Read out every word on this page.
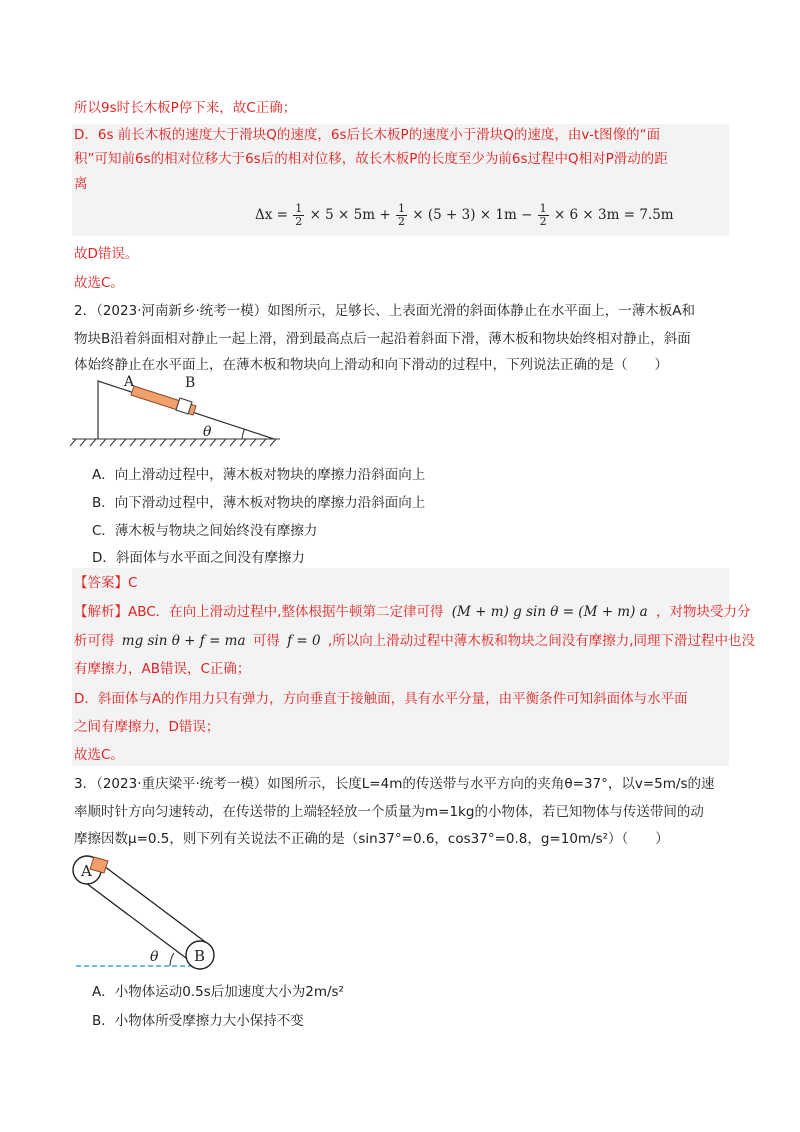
所以9s时长木板P停下来，故C正确；
D．6s 前长木板的速度大于滑块Q的速度，6s后长木板P的速度小于滑块Q的速度，由v-t图像的“面
积”可知前6s的相对位移大于6s后的相对位移，故长木板P的长度至少为前6s过程中Q相对P滑动的距
离
$\Delta x = \frac{1}{2} \times 5 \times 5m + \frac{1}{2} \times (5 + 3) \times 1m - \frac{1}{2} \times 6 \times 3m = 7.5m$
故D错误。
故选C。
2．（2023·河南新乡·统考一模）如图所示，足够长、上表面光滑的斜面体静止在水平面上，一薄木板A和
物块B沿着斜面相对静止一起上滑，滑到最高点后一起沿着斜面下滑，薄木板和物块始终相对静止，斜面
体始终静止在水平面上，在薄木板和物块向上滑动和向下滑动的过程中，下列说法正确的是（　　）
A	B
θ
A．向上滑动过程中，薄木板对物块的摩擦力沿斜面向上
B．向下滑动过程中，薄木板对物块的摩擦力沿斜面向上
C．薄木板与物块之间始终没有摩擦力
D．斜面体与水平面之间没有摩擦力
【答案】C
【解析】ABC．在向上滑动过程中,整体根据牛顿第二定律可得 (M + m) g sin θ = (M + m) a ，对物块受力分
析可得 mg sin θ + f = ma 可得 f = 0 ,所以向上滑动过程中薄木板和物块之间没有摩擦力,同理下滑过程中也没
有摩擦力，AB错误，C正确；
D．斜面体与A的作用力只有弹力，方向垂直于接触面，具有水平分量，由平衡条件可知斜面体与水平面
之间有摩擦力，D错误；
故选C。
3．（2023·重庆梁平·统考一模）如图所示，长度L=4m的传送带与水平方向的夹角θ=37°，以v=5m/s的速
率顺时针方向匀速转动，在传送带的上端轻轻放一个质量为m=1kg的小物体，若已知物体与传送带间的动
摩擦因数μ=0.5，则下列有关说法不正确的是（sin37°=0.6，cos37°=0.8，g=10m/s²）（　　）
A
B
θ
A．小物体运动0.5s后加速度大小为2m/s²
B．小物体所受摩擦力大小保持不变
